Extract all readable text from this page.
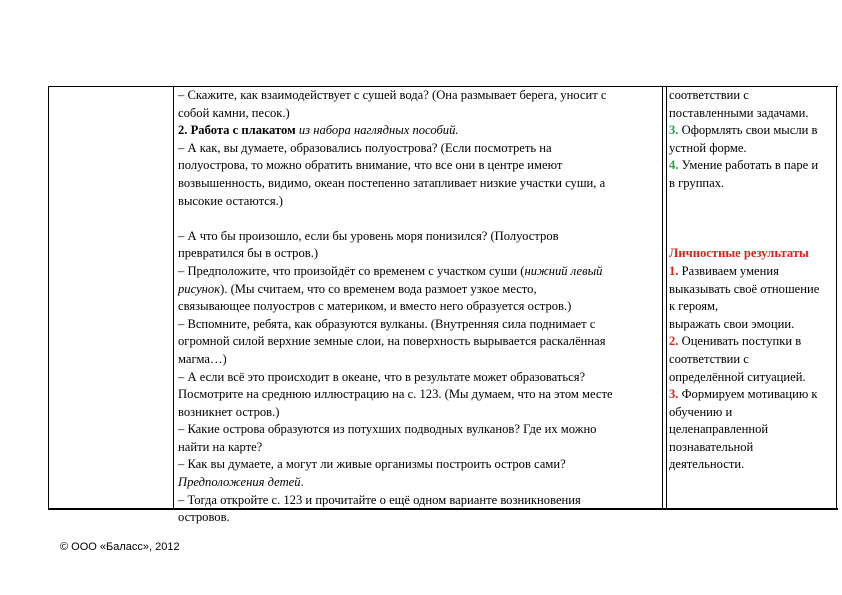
– Скажите, как взаимодействует с сушей вода? (Она размывает берега, уносит с

собой камни, песок.)

2. Работа с плакатом из набора наглядных пособий.

– А как, вы думаете, образовались полуострова? (Если посмотреть на

полуострова, то можно обратить внимание, что все они в центре имеют

возвышенность, видимо, океан постепенно затапливает низкие участки суши, а

высокие остаются.)

– А что бы произошло, если бы уровень моря понизился? (Полуостров

превратился бы в остров.)

– Предположите, что произойдёт со временем с участком суши (нижний левый

рисунок). (Мы считаем, что со временем вода размоет узкое место,

связывающее полуостров с материком, и вместо него образуется остров.)

– Вспомните, ребята, как образуются вулканы. (Внутренняя сила поднимает с

огромной силой верхние земные слои, на поверхность вырывается раскалённая

магма…)

– А если всё это происходит в океане, что в результате может образоваться?

Посмотрите на среднюю иллюстрацию на с. 123. (Мы думаем, что на этом месте

возникнет остров.)

– Какие острова образуются из потухших подводных вулканов? Где их можно

найти на карте?

– Как вы думаете, а могут ли живые организмы построить остров сами?

Предположения детей.

– Тогда откройте с. 123 и прочитайте о ещё одном варианте возникновения

островов.

соответствии с

поставленными задачами.

3. Оформлять свои мысли в

устной форме.

4. Умение работать в паре и

в группах.

Личностные результаты

1. Развиваем умения

выказывать своё отношение

к героям,

выражать свои эмоции.

2. Оценивать поступки в

соответствии с

определённой ситуацией.

3. Формируем мотивацию к

обучению и

целенаправленной

познавательной

деятельности.

© ООО «Баласс», 2012
